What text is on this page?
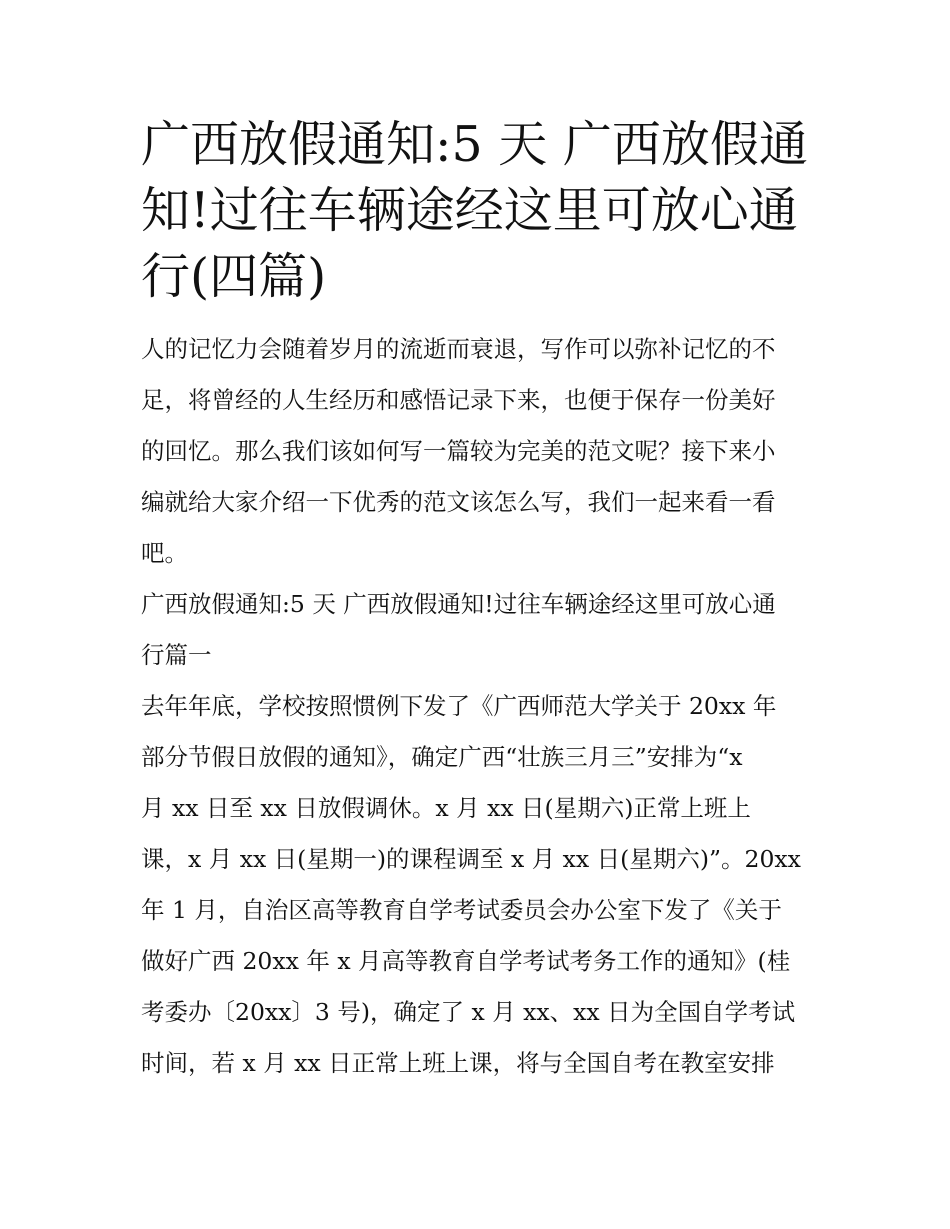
广西放假通知:5 天 广西放假通
知!过往车辆途经这里可放心通
行(四篇)

人的记忆力会随着岁月的流逝而衰退，写作可以弥补记忆的不
足，将曾经的人生经历和感悟记录下来，也便于保存一份美好
的回忆。那么我们该如何写一篇较为完美的范文呢？接下来小
编就给大家介绍一下优秀的范文该怎么写，我们一起来看一看
吧。

广西放假通知:5 天 广西放假通知!过往车辆途经这里可放心通
行篇一

去年年底，学校按照惯例下发了《广西师范大学关于 20xx 年
部分节假日放假的通知》，确定广西“壮族三月三”安排为“x
月 xx 日至 xx 日放假调休。x 月 xx 日(星期六)正常上班上
课，x 月 xx 日(星期一)的课程调至 x 月 xx 日(星期六)”。20xx
年 1 月，自治区高等教育自学考试委员会办公室下发了《关于
做好广西 20xx 年 x 月高等教育自学考试考务工作的通知》(桂
考委办〔20xx〕3 号)，确定了 x 月 xx、xx 日为全国自学考试
时间，若 x 月 xx 日正常上班上课，将与全国自考在教室安排
